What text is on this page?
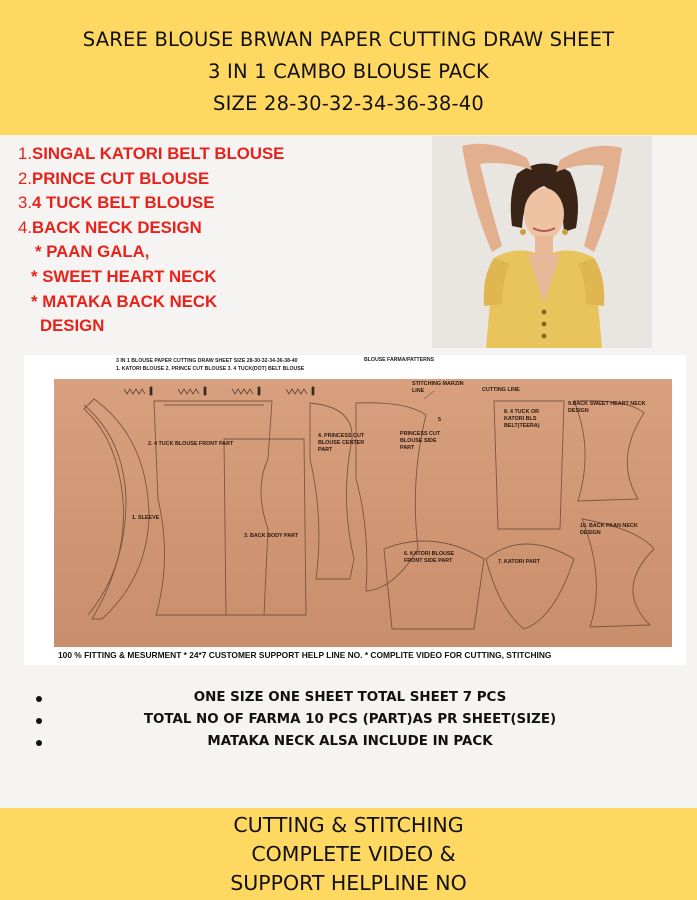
SAREE BLOUSE BRWAN PAPER CUTTING DRAW SHEET
3 IN 1 CAMBO BLOUSE PACK
SIZE 28-30-32-34-36-38-40
1.SINGAL KATORI BELT BLOUSE
2.PRINCE CUT BLOUSE
3.4 TUCK BELT BLOUSE
4.BACK NECK DESIGN
* PAAN GALA,
* SWEET HEART NECK
* MATAKA BACK NECK
DESIGN
3 IN 1 BLOUSE PAPER CUTTING DRAW SHEET SIZE 28-30-32-34-36-38-40
1. KATORI BLOUSE 2. PRINCE CUT BLOUSE 3. 4 TUCK(DOT) BELT BLOUSE
BLOUSE FARMA/PATTERNS
STITCHING MARZIN LINE	CUTTING LINE
1. SLEEVE
2. 4 TUCK BLOUSE FRONT PART
3. BACK BODY PART
4. PRINCESS CUT BLOUSE CENTER PART
5
PRINCESS CUT BLOUSE SIDE PART
6. KATORI BLOUSE FRONT SIDE PART	7. KATORI PART
8. 4 TUCK OR KATORI BLS BELT(TEERA)
9.BACK SWEET HEART NECK DESIGN
10. BACK PAAN NECK DESIGN
100 % FITTING & MESURMENT * 24*7 CUSTOMER SUPPORT HELP LINE NO. * COMPLITE VIDEO FOR CUTTING, STITCHING
ONE SIZE ONE SHEET TOTAL SHEET 7 PCS
TOTAL NO OF FARMA 10 PCS (PART)AS PR SHEET(SIZE)
MATAKA NECK ALSA INCLUDE IN PACK
CUTTING & STITCHING
COMPLETE VIDEO &
SUPPORT HELPLINE NO
